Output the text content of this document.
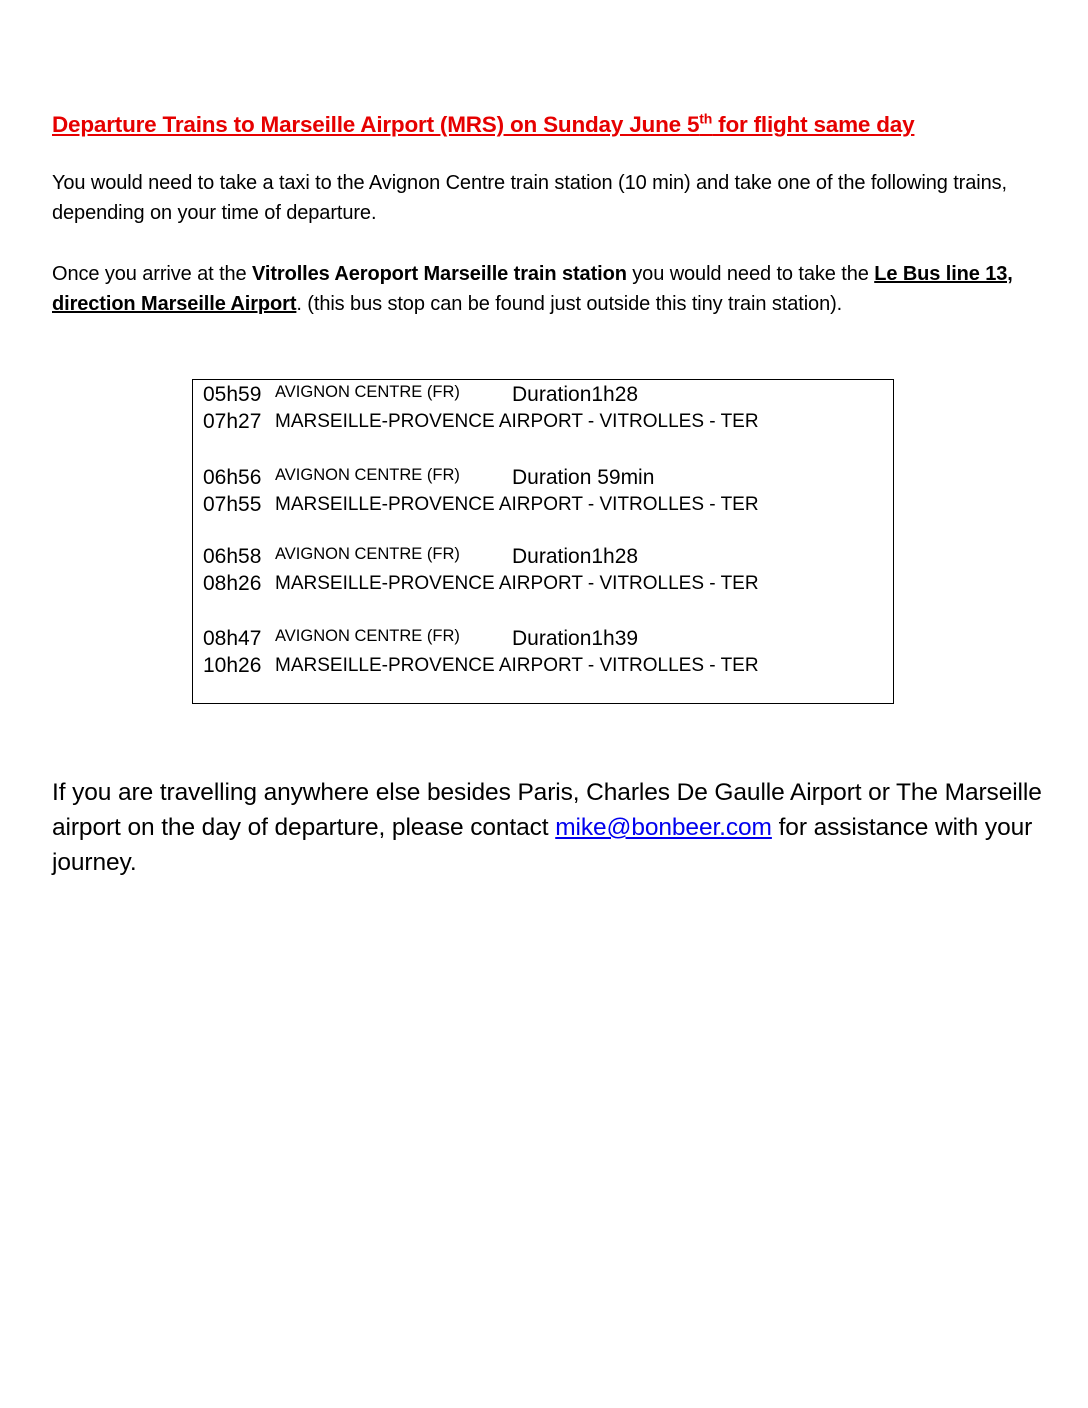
Departure Trains to Marseille Airport (MRS) on Sunday June 5th for flight same day
You would need to take a taxi to the Avignon Centre train station (10 min) and take one of the following trains, depending on your time of departure.
Once you arrive at the Vitrolles Aeroport Marseille train station you would need to take the Le Bus line 13, direction Marseille Airport. (this bus stop can be found just outside this tiny train station).
05h59 AVIGNON CENTRE (FR) Duration1h28
07h27 MARSEILLE-PROVENCE AIRPORT - VITROLLES - TER
06h56 AVIGNON CENTRE (FR) Duration 59min
07h55 MARSEILLE-PROVENCE AIRPORT - VITROLLES - TER
06h58 AVIGNON CENTRE (FR) Duration1h28
08h26 MARSEILLE-PROVENCE AIRPORT - VITROLLES - TER
08h47 AVIGNON CENTRE (FR) Duration1h39
10h26 MARSEILLE-PROVENCE AIRPORT - VITROLLES - TER
If you are travelling anywhere else besides Paris, Charles De Gaulle Airport or The Marseille airport on the day of departure, please contact mike@bonbeer.com for assistance with your journey.
